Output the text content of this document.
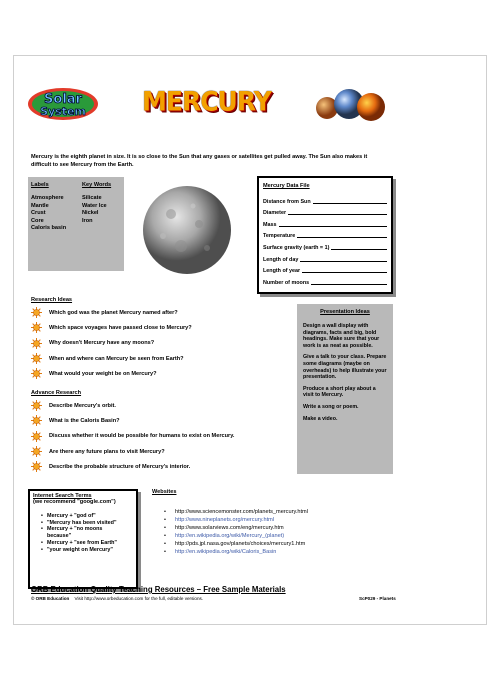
Solar
System MERCURY

Mercury is the eighth planet in size. It is so close to the Sun that any gases or satellites get pulled away. The Sun also makes it difficult to see Mercury from the Earth.

Labels
Atmosphere
Mantle
Crust
Core
Caloris basin
Key Words
Silicate
Water Ice
Nickel
Iron
Mercury Data File
Distance from Sun
Diameter
Mass
Temperature
Surface gravity (earth = 1)
Length of day
Length of year
Number of moons
Research Ideas
Which god was the planet Mercury named after?
Which space voyages have passed close to Mercury?
Why doesn't Mercury have any moons?
When and where can Mercury be seen from Earth?
What would your weight be on Mercury?
Advance Research
Describe Mercury's orbit.
What is the Caloris Basin?
Discuss whether it would be possible for humans to exist on Mercury.
Are there any future plans to visit Mercury?
Describe the probable structure of Mercury's interior.
Presentation Ideas

Design a wall display with diagrams, facts and big, bold headings. Make sure that your work is as neat as possible.

Give a talk to your class. Prepare some diagrams (maybe on overheads) to help illustrate your presentation.

Produce a short play about a visit to Mercury.

Write a song or poem.

Make a video.

Internet Search Terms
(we recommend "google.com")
• Mercury + "god of"
• "Mercury has been visited"
• Mercury + "no moons
because"
• Mercury + "see from Earth"
• "your weight on Mercury"
Websites
• http://www.sciencemonster.com/planets_mercury.html
• http://www.nineplanets.org/mercury.html
• http://www.solarviews.com/eng/mercury.htm
• http://en.wikipedia.org/wiki/Mercury_(planet)
• http://pds.jpl.nasa.gov/planets/choices/mercury1.htm
• http://en.wikipedia.org/wiki/Caloris_Basin
ORB Education Quality Teaching Resources – Free Sample Materials
© ORB Education Visit http://www.orbeducation.com for the full, editable versions.	ScP029 - Planets
